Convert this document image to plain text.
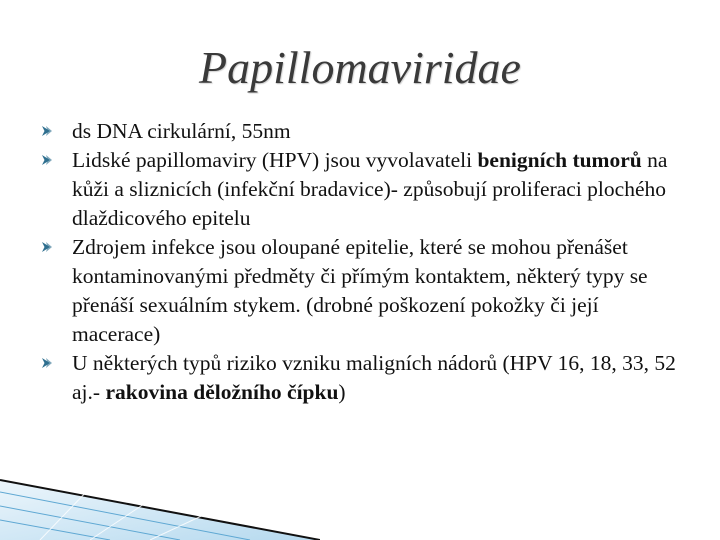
Papillomaviridae
ds DNA cirkulární, 55nm
Lidské papillomaviry (HPV) jsou vyvolavateli benigních tumorů na kůži a sliznicích (infekční bradavice)- způsobují proliferaci plochého dlaždicového epitelu
Zdrojem infekce jsou oloupané epitelie, které se mohou přenášet kontaminovanými předměty či přímým kontaktem, některý typy se přenáší sexuálním stykem. (drobné poškození pokožky či její macerace)
U některých typů riziko vzniku maligních nádorů (HPV 16, 18, 33, 52 aj.- rakovina děložního čípku)
